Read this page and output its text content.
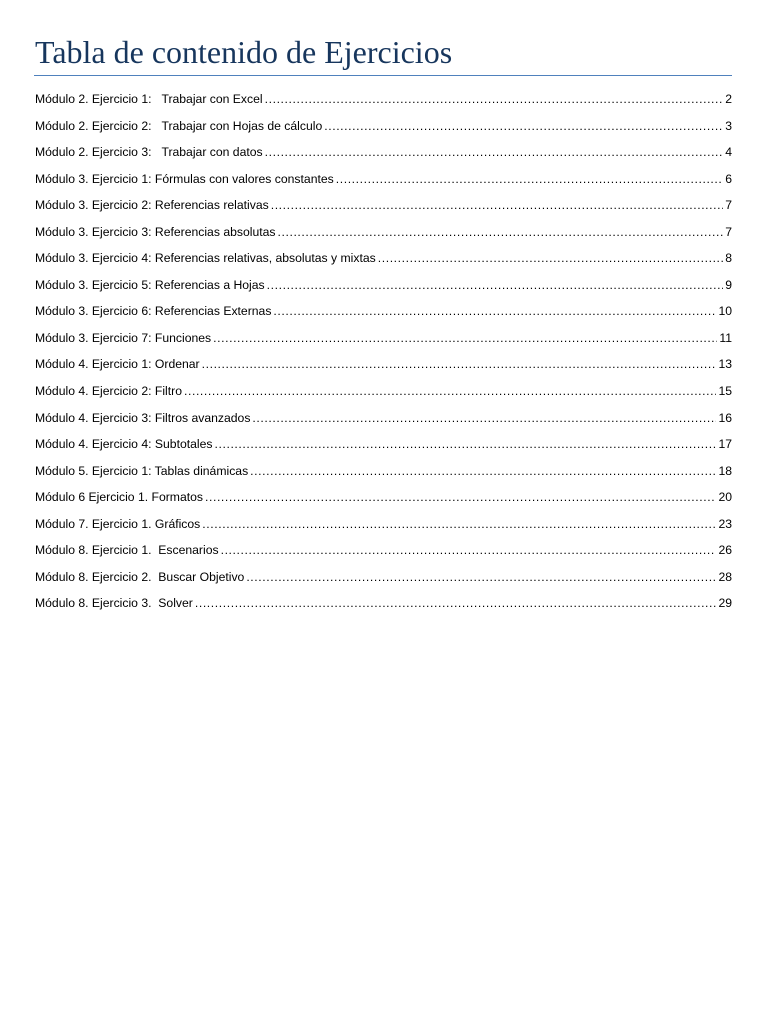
Tabla de contenido de Ejercicios
Módulo 2. Ejercicio 1:   Trabajar con Excel .....	2
Módulo 2. Ejercicio 2:   Trabajar con Hojas de cálculo .....	3
Módulo 2. Ejercicio 3:   Trabajar con datos .....	4
Módulo 3. Ejercicio 1: Fórmulas con valores constantes .....	6
Módulo 3. Ejercicio 2: Referencias relativas .....	7
Módulo 3. Ejercicio 3: Referencias absolutas .....	7
Módulo 3. Ejercicio 4: Referencias relativas, absolutas y mixtas .....	8
Módulo 3. Ejercicio 5: Referencias a Hojas .....	9
Módulo 3. Ejercicio 6: Referencias Externas .....	10
Módulo 3. Ejercicio 7: Funciones .....	11
Módulo 4. Ejercicio 1: Ordenar .....	13
Módulo 4. Ejercicio 2: Filtro .....	15
Módulo 4. Ejercicio 3: Filtros avanzados .....	16
Módulo 4. Ejercicio 4: Subtotales .....	17
Módulo 5. Ejercicio 1: Tablas dinámicas .....	18
Módulo 6 Ejercicio 1. Formatos .....	20
Módulo 7. Ejercicio 1. Gráficos .....	23
Módulo 8. Ejercicio 1.  Escenarios .....	26
Módulo 8. Ejercicio 2.  Buscar Objetivo .....	28
Módulo 8. Ejercicio 3.  Solver .....	29
